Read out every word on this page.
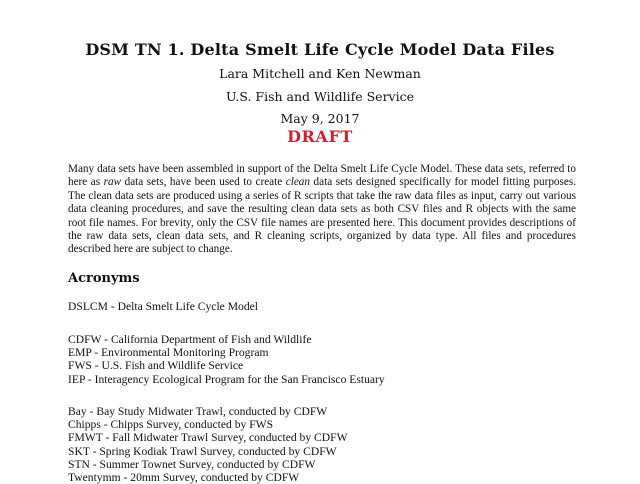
DSM TN 1. Delta Smelt Life Cycle Model Data Files
Lara Mitchell and Ken Newman
U.S. Fish and Wildlife Service
May 9, 2017
DRAFT

Many data sets have been assembled in support of the Delta Smelt Life Cycle Model. These data sets, referred to here as raw data sets, have been used to create clean data sets designed specifically for model fitting purposes. The clean data sets are produced using a series of R scripts that take the raw data files as input, carry out various data cleaning procedures, and save the resulting clean data sets as both CSV files and R objects with the same root file names. For brevity, only the CSV file names are presented here. This document provides descriptions of the raw data sets, clean data sets, and R cleaning scripts, organized by data type. All files and procedures described here are subject to change.

Acronyms
DSLCM - Delta Smelt Life Cycle Model
CDFW - California Department of Fish and Wildlife
EMP - Environmental Monitoring Program
FWS - U.S. Fish and Wildlife Service
IEP - Interagency Ecological Program for the San Francisco Estuary
Bay - Bay Study Midwater Trawl, conducted by CDFW
Chipps - Chipps Survey, conducted by FWS
FMWT - Fall Midwater Trawl Survey, conducted by CDFW
SKT - Spring Kodiak Trawl Survey, conducted by CDFW
STN - Summer Townet Survey, conducted by CDFW
Twentymm - 20mm Survey, conducted by CDFW
